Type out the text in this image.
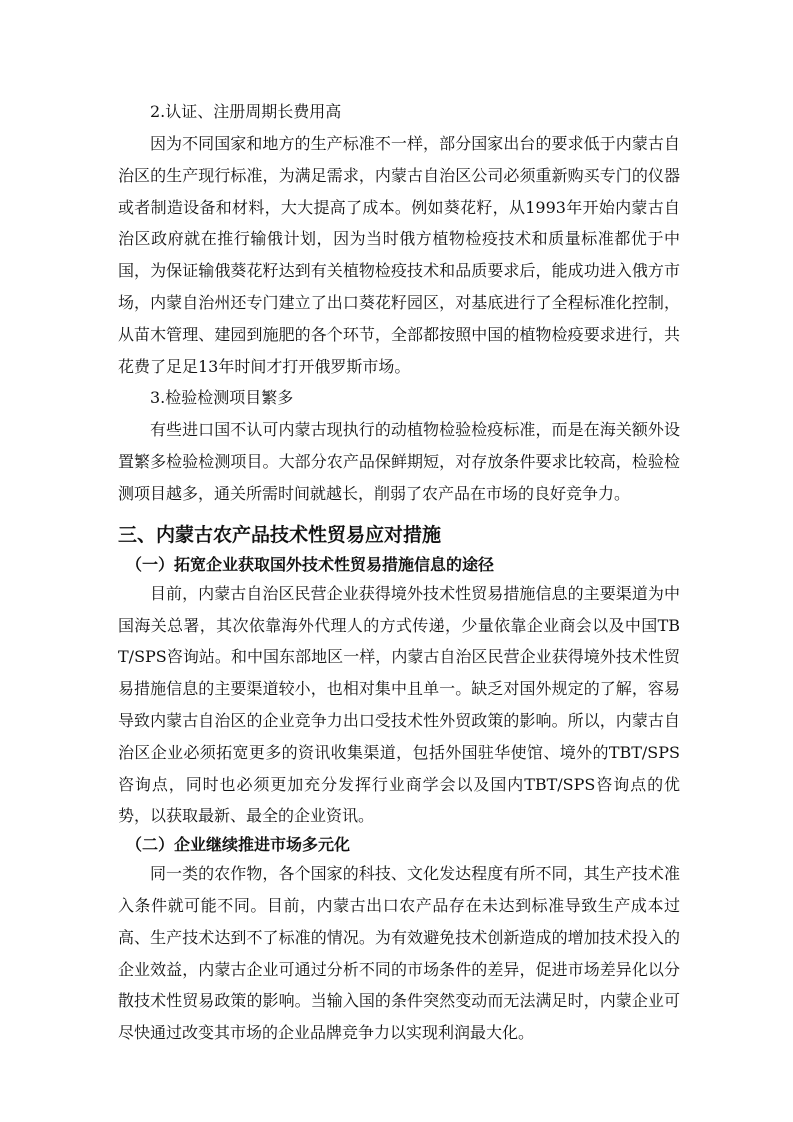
2.认证、注册周期长费用高

因为不同国家和地方的生产标准不一样，部分国家出台的要求低于内蒙古自治区的生产现行标准，为满足需求，内蒙古自治区公司必须重新购买专门的仪器或者制造设备和材料，大大提高了成本。例如葵花籽，从1993年开始内蒙古自治区政府就在推行输俄计划，因为当时俄方植物检疫技术和质量标准都优于中国，为保证输俄葵花籽达到有关植物检疫技术和品质要求后，能成功进入俄方市场，内蒙自治州还专门建立了出口葵花籽园区，对基底进行了全程标准化控制，从苗木管理、建园到施肥的各个环节，全部都按照中国的植物检疫要求进行，共花费了足足13年时间才打开俄罗斯市场。

3.检验检测项目繁多

有些进口国不认可内蒙古现执行的动植物检验检疫标准，而是在海关额外设置繁多检验检测项目。大部分农产品保鲜期短，对存放条件要求比较高，检验检测项目越多，通关所需时间就越长，削弱了农产品在市场的良好竞争力。

三、内蒙古农产品技术性贸易应对措施
（一）拓宽企业获取国外技术性贸易措施信息的途径

目前，内蒙古自治区民营企业获得境外技术性贸易措施信息的主要渠道为中国海关总署，其次依靠海外代理人的方式传递，少量依靠企业商会以及中国TBT/SPS咨询站。和中国东部地区一样，内蒙古自治区民营企业获得境外技术性贸易措施信息的主要渠道较小，也相对集中且单一。缺乏对国外规定的了解，容易导致内蒙古自治区的企业竞争力出口受技术性外贸政策的影响。所以，内蒙古自治区企业必须拓宽更多的资讯收集渠道，包括外国驻华使馆、境外的TBT/SPS咨询点，同时也必须更加充分发挥行业商学会以及国内TBT/SPS咨询点的优势，以获取最新、最全的企业资讯。

（二）企业继续推进市场多元化

同一类的农作物，各个国家的科技、文化发达程度有所不同，其生产技术准入条件就可能不同。目前，内蒙古出口农产品存在未达到标准导致生产成本过高、生产技术达到不了标准的情况。为有效避免技术创新造成的增加技术投入的企业效益，内蒙古企业可通过分析不同的市场条件的差异，促进市场差异化以分散技术性贸易政策的影响。当输入国的条件突然变动而无法满足时，内蒙企业可尽快通过改变其市场的企业品牌竞争力以实现利润最大化。
